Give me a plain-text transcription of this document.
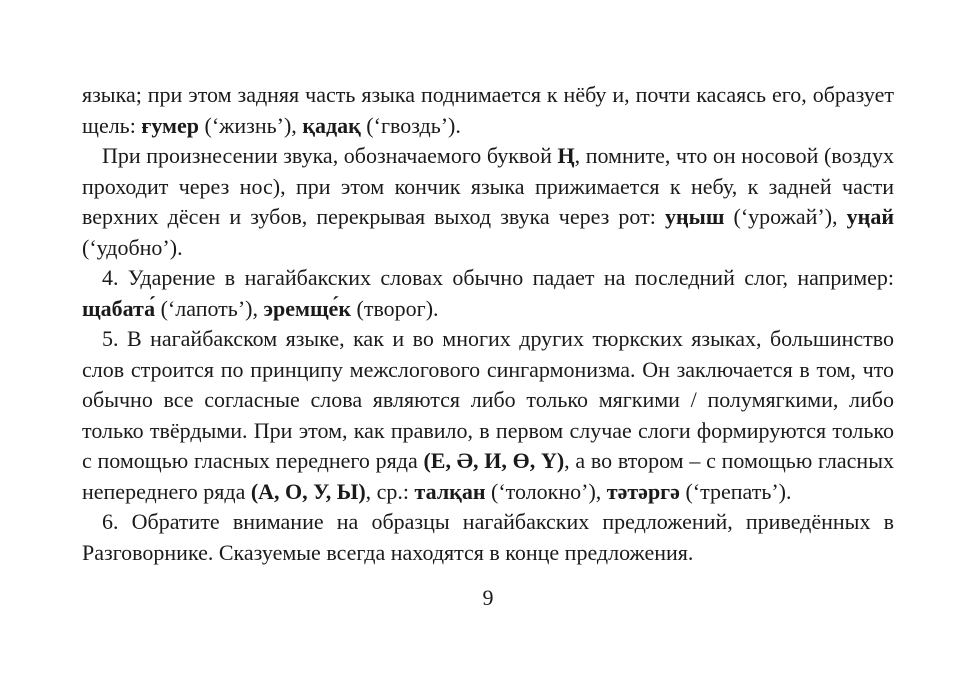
языка; при этом задняя часть языка поднимается к нёбу и, почти касаясь его, образует щель: ғумер (‘жизнь’), қадақ (‘гвоздь’).

При произнесении звука, обозначаемого буквой Ң, помните, что он носовой (воздух проходит через нос), при этом кончик языка прижимается к небу, к задней части верхних дёсен и зубов, перекрывая выход звука через рот: уңыш (‘урожай’), уңай (‘удобно’).

4. Ударение в нагайбакских словах обычно падает на последний слог, например: щабата́ (‘лапоть’), эремще́к (творог).

5. В нагайбакском языке, как и во многих других тюркских языках, большинство слов строится по принципу межслогового сингармонизма. Он заключается в том, что обычно все согласные слова являются либо только мягкими / полумягкими, либо только твёрдыми. При этом, как правило, в первом случае слоги формируются только с помощью гласных переднего ряда (Е, Ә, И, Ө, Ү), а во втором – с помощью гласных непереднего ряда (А, О, У, Ы), ср.: талқан (‘толокно’), тәтәргә (‘трепать’).

6. Обратите внимание на образцы нагайбакских предложений, приведённых в Разговорнике. Сказуемые всегда находятся в конце предложения.

9
